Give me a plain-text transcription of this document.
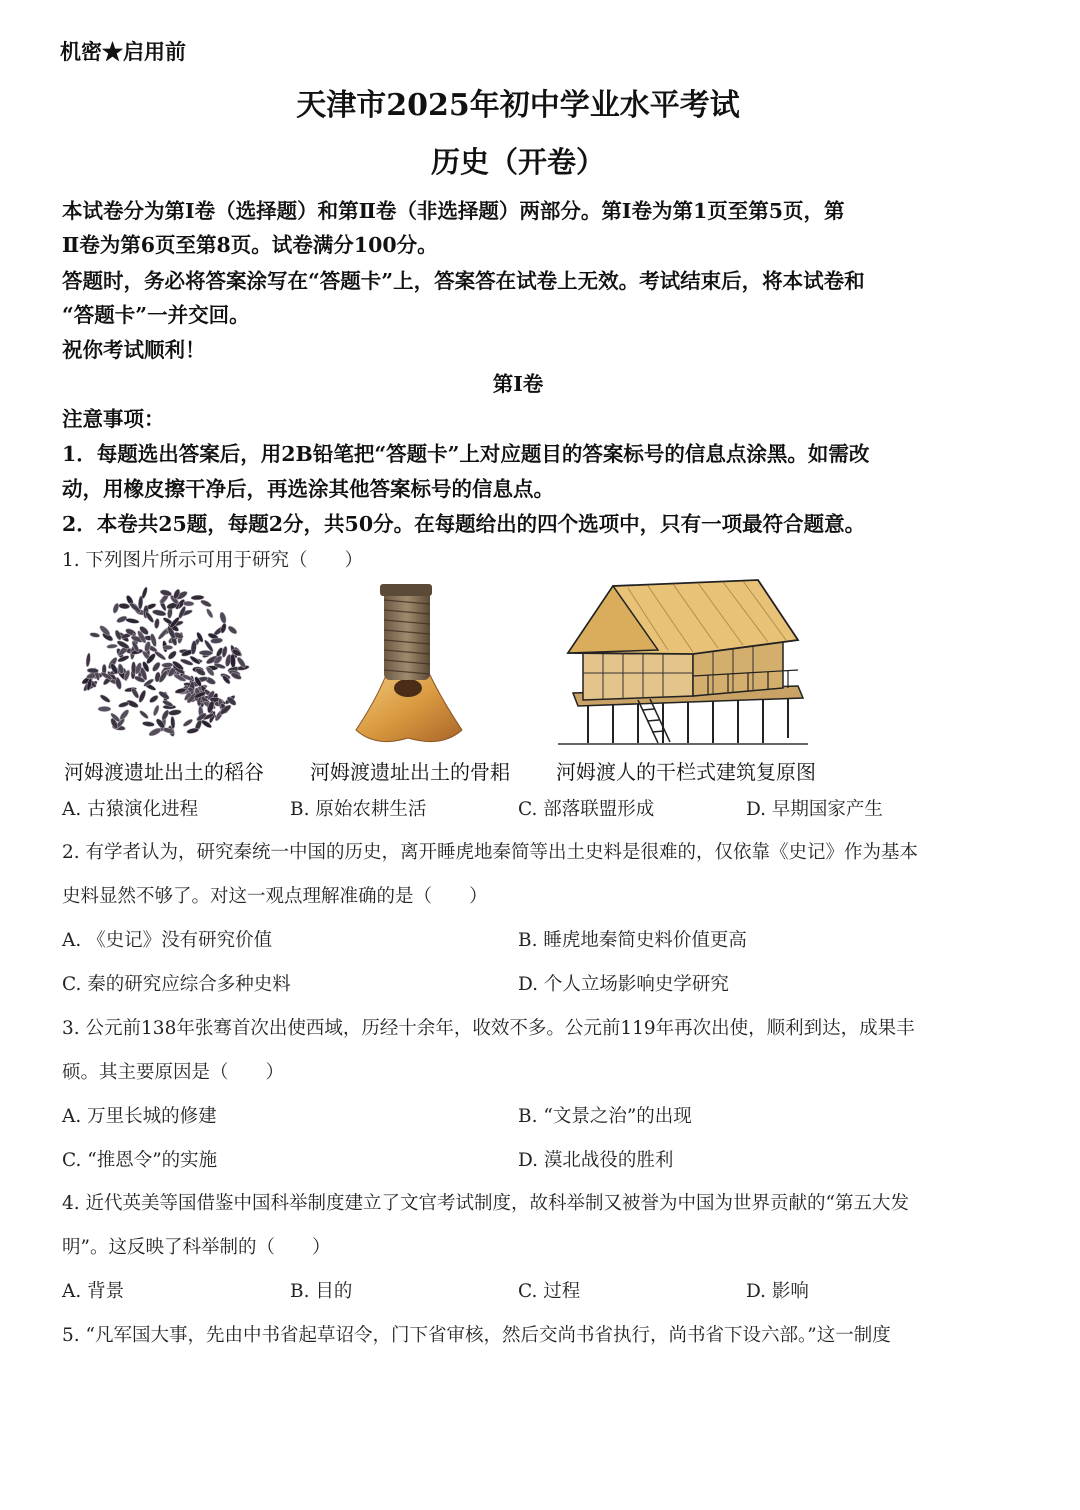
机密★启用前
天津市2025年初中学业水平考试
历史（开卷）
本试卷分为第Ⅰ卷（选择题）和第Ⅱ卷（非选择题）两部分。第Ⅰ卷为第1页至第5页，第
Ⅱ卷为第6页至第8页。试卷满分100分。
答题时，务必将答案涂写在“答题卡”上，答案答在试卷上无效。考试结束后，将本试卷和
“答题卡”一并交回。
祝你考试顺利！
第Ⅰ卷
注意事项：
1．每题选出答案后，用2B铅笔把“答题卡”上对应题目的答案标号的信息点涂黑。如需改
动，用橡皮擦干净后，再选涂其他答案标号的信息点。
2．本卷共25题，每题2分，共50分。在每题给出的四个选项中，只有一项最符合题意。
1. 下列图片所示可用于研究（　　）
河姆渡遗址出土的稻谷 河姆渡遗址出土的骨耜 河姆渡人的干栏式建筑复原图
A. 古猿演化进程	B. 原始农耕生活	C. 部落联盟形成	D. 早期国家产生
2. 有学者认为，研究秦统一中国的历史，离开睡虎地秦简等出土史料是很难的，仅依靠《史记》作为基本
史料显然不够了。对这一观点理解准确的是（　　）
A. 《史记》没有研究价值	B. 睡虎地秦简史料价值更高
C. 秦的研究应综合多种史料	D. 个人立场影响史学研究
3. 公元前138年张骞首次出使西域，历经十余年，收效不多。公元前119年再次出使，顺利到达，成果丰
硕。其主要原因是（　　）
A. 万里长城的修建	B. “文景之治”的出现
C. “推恩令”的实施	D. 漠北战役的胜利
4. 近代英美等国借鉴中国科举制度建立了文官考试制度，故科举制又被誉为中国为世界贡献的“第五大发
明”。这反映了科举制的（　　）
A. 背景	B. 目的	C. 过程	D. 影响
5. “凡军国大事，先由中书省起草诏令，门下省审核，然后交尚书省执行，尚书省下设六部。”这一制度
